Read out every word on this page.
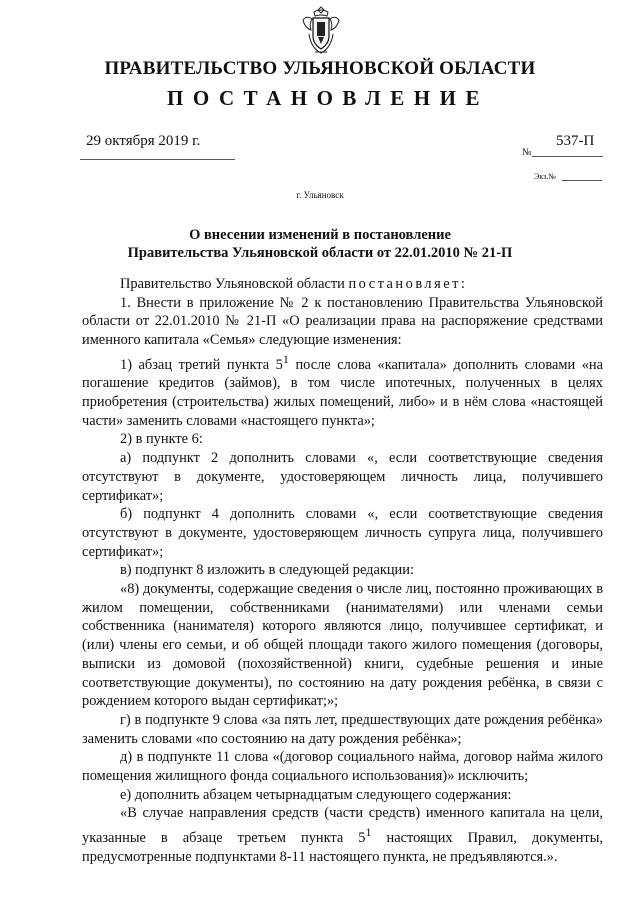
ПРАВИТЕЛЬСТВО УЛЬЯНОВСКОЙ ОБЛАСТИ
ПОСТАНОВЛЕНИЕ
29 октября 2019 г.
№
537-П
Экз.№
г. Ульяновск
О внесении изменений в постановление
Правительства Ульяновской области от 22.01.2010 № 21-П

Правительство Ульяновской области постановляет:

1. Внести в приложение № 2 к постановлению Правительства Ульяновской области от 22.01.2010 № 21-П «О реализации права на распоряжение средствами именного капитала «Семья» следующие изменения:

1) абзац третий пункта $5^1$ после слова «капитала» дополнить словами «на погашение кредитов (займов), в том числе ипотечных, полученных в целях приобретения (строительства) жилых помещений, либо» и в нём слова «настоящей части» заменить словами «настоящего пункта»;

2) в пункте 6:

а) подпункт 2 дополнить словами «, если соответствующие сведения отсутствуют в документе, удостоверяющем личность лица, получившего сертификат»;

б) подпункт 4 дополнить словами «, если соответствующие сведения отсутствуют в документе, удостоверяющем личность супруга лица, получившего сертификат»;

в) подпункт 8 изложить в следующей редакции:

«8) документы, содержащие сведения о числе лиц, постоянно проживающих в жилом помещении, собственниками (нанимателями) или членами семьи собственника (нанимателя) которого являются лицо, получившее сертификат, и (или) члены его семьи, и об общей площади такого жилого помещения (договоры, выписки из домовой (похозяйственной) книги, судебные решения и иные соответствующие документы), по состоянию на дату рождения ребёнка, в связи с рождением которого выдан сертификат;»;

г) в подпункте 9 слова «за пять лет, предшествующих дате рождения ребёнка» заменить словами «по состоянию на дату рождения ребёнка»;

д) в подпункте 11 слова «(договор социального найма, договор найма жилого помещения жилищного фонда социального использования)» исключить;

е) дополнить абзацем четырнадцатым следующего содержания:

«В случае направления средств (части средств) именного капитала на цели, указанные в абзаце третьем пункта $5^1$ настоящих Правил, документы, предусмотренные подпунктами 8-11 настоящего пункта, не предъявляются.».
